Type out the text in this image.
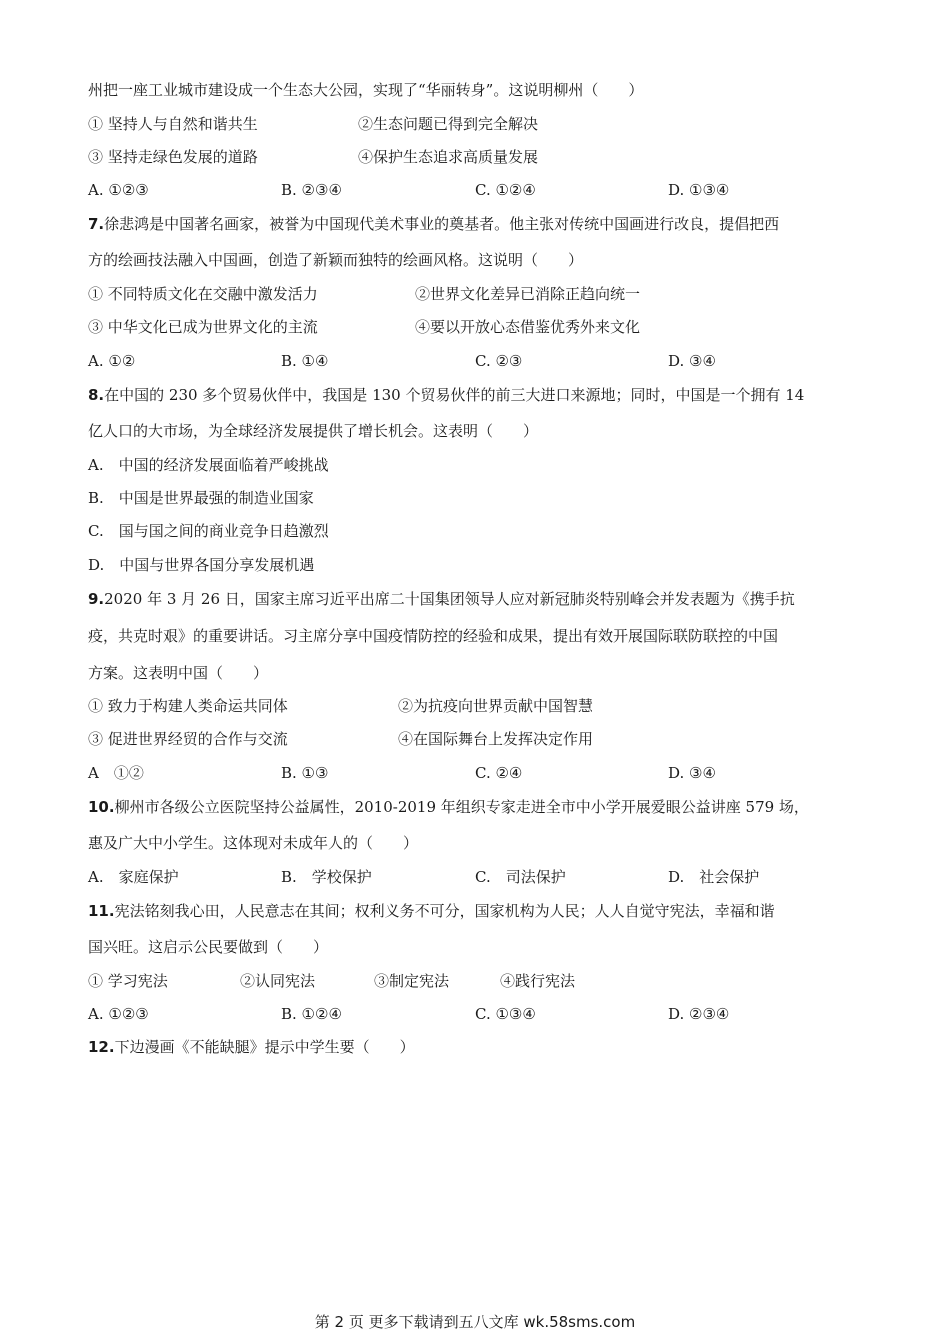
州把一座工业城市建设成一个生态大公园，实现了“华丽转身”。这说明柳州（　　）
① 坚持人与自然和谐共生	②生态问题已得到完全解决
③ 坚持走绿色发展的道路	④保护生态追求高质量发展
A. ①②③	B. ②③④	C. ①②④	D. ①③④
7.徐悲鸿是中国著名画家，被誉为中国现代美术事业的奠基者。他主张对传统中国画进行改良，提倡把西
方的绘画技法融入中国画，创造了新颖而独特的绘画风格。这说明（　　）
① 不同特质文化在交融中激发活力	②世界文化差异已消除正趋向统一
③ 中华文化已成为世界文化的主流	④要以开放心态借鉴优秀外来文化
A. ①②	B. ①④	C. ②③	D. ③④
8.在中国的 230 多个贸易伙伴中，我国是 130 个贸易伙伴的前三大进口来源地；同时，中国是一个拥有 14
亿人口的大市场，为全球经济发展提供了增长机会。这表明（　　）
A.　中国的经济发展面临着严峻挑战
B.　中国是世界最强的制造业国家
C.　国与国之间的商业竞争日趋激烈
D.　中国与世界各国分享发展机遇
9.2020 年 3 月 26 日，国家主席习近平出席二十国集团领导人应对新冠肺炎特别峰会并发表题为《携手抗
疫，共克时艰》的重要讲话。习主席分享中国疫情防控的经验和成果，提出有效开展国际联防联控的中国
方案。这表明中国（　　）
① 致力于构建人类命运共同体	②为抗疫向世界贡献中国智慧
③ 促进世界经贸的合作与交流	④在国际舞台上发挥决定作用
A　①②	B. ①③	C. ②④	D. ③④
10.柳州市各级公立医院坚持公益属性，2010-2019 年组织专家走进全市中小学开展爱眼公益讲座 579 场，
惠及广大中小学生。这体现对未成年人的（　　）
A.　家庭保护	B.　学校保护	C.　司法保护	D.　社会保护
11.宪法铭刻我心田，人民意志在其间；权利义务不可分，国家机构为人民；人人自觉守宪法，幸福和谐
国兴旺。这启示公民要做到（　　）
① 学习宪法	②认同宪法	③制定宪法	④践行宪法
A. ①②③	B. ①②④	C. ①③④	D. ②③④
12.下边漫画《不能缺腿》提示中学生要（　　）
第 2 页 更多下载请到五八文库 wk.58sms.com
